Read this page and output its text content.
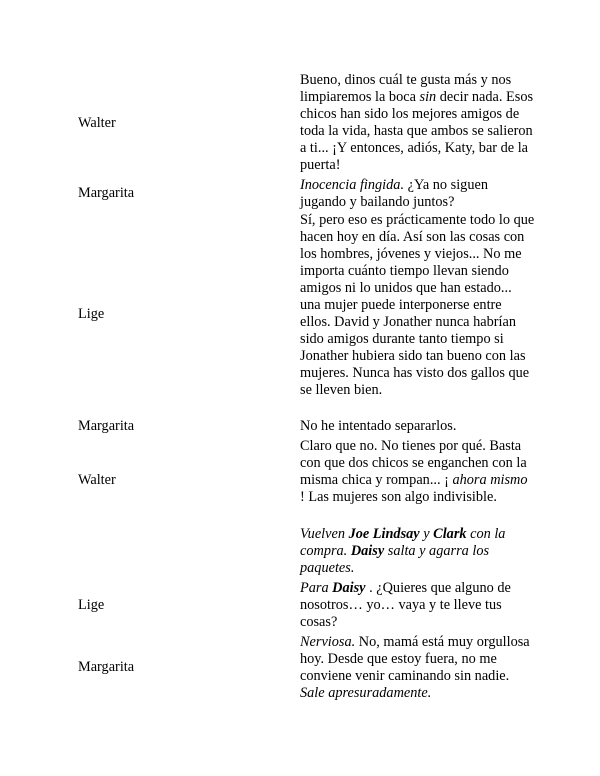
Walter
Bueno, dinos cuál te gusta más y nos limpiaremos la boca sin decir nada. Esos chicos han sido los mejores amigos de toda la vida, hasta que ambos se salieron a ti... ¡Y entonces, adiós, Katy, bar de la puerta!
Margarita	Inocencia fingida. ¿Ya no siguen jugando y bailando juntos?
Lige
Sí, pero eso es prácticamente todo lo que hacen hoy en día. Así son las cosas con los hombres, jóvenes y viejos... No me importa cuánto tiempo llevan siendo amigos ni lo unidos que han estado... una mujer puede interponerse entre ellos. David y Jonather nunca habrían sido amigos durante tanto tiempo si Jonather hubiera sido tan bueno con las mujeres. Nunca has visto dos gallos que se lleven bien.
Margarita	No he intentado separarlos.
Walter
Claro que no. No tienes por qué. Basta con que dos chicos se enganchen con la misma chica y rompan... ¡ ahora mismo ! Las mujeres son algo indivisible.
Vuelven Joe Lindsay y Clark con la compra. Daisy salta y agarra los paquetes.
Lige
Para Daisy . ¿Quieres que alguno de nosotros… yo… vaya y te lleve tus cosas?
Margarita
Nerviosa. No, mamá está muy orgullosa hoy. Desde que estoy fuera, no me conviene venir caminando sin nadie. Sale apresuradamente.
